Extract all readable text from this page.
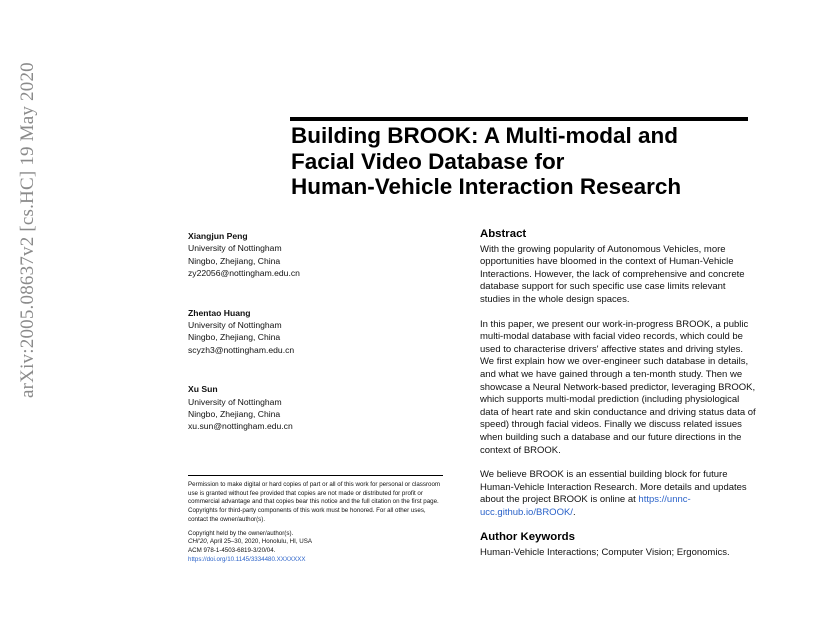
arXiv:2005.08637v2 [cs.HC] 19 May 2020	Building BROOK: A Multi-modal and
Facial Video Database for
Human-Vehicle Interaction Research
Xiangjun Peng
University of Nottingham
Ningbo, Zhejiang, China
zy22056@nottingham.edu.cn
Zhentao Huang
University of Nottingham
Ningbo, Zhejiang, China
scyzh3@nottingham.edu.cn
Xu Sun
University of Nottingham
Ningbo, Zhejiang, China
xu.sun@nottingham.edu.cn

Permission to make digital or hard copies of part or all of this work for personal or classroom use is granted without fee provided that copies are not made or distributed for profit or commercial advantage and that copies bear this notice and the full citation on the first page. Copyrights for third-party components of this work must be honored. For all other uses, contact the owner/author(s).

Copyright held by the owner/author(s).
CHI'20, April 25–30, 2020, Honolulu, HI, USA
ACM 978-1-4503-6819-3/20/04.
https://doi.org/10.1145/3334480.XXXXXXX
Abstract

With the growing popularity of Autonomous Vehicles, more opportunities have bloomed in the context of Human-Vehicle Interactions. However, the lack of comprehensive and concrete database support for such specific use case limits relevant studies in the whole design spaces.

In this paper, we present our work-in-progress BROOK, a public multi-modal database with facial video records, which could be used to characterise drivers' affective states and driving styles. We first explain how we over-engineer such database in details, and what we have gained through a ten-month study. Then we showcase a Neural Network-based predictor, leveraging BROOK, which supports multi-modal prediction (including physiological data of heart rate and skin conductance and driving status data of speed) through facial videos. Finally we discuss related issues when building such a database and our future directions in the context of BROOK.

We believe BROOK is an essential building block for future Human-Vehicle Interaction Research. More details and updates about the project BROOK is online at https://unnc-ucc.github.io/BROOK/.

Author Keywords
Human-Vehicle Interactions; Computer Vision; Ergonomics.
